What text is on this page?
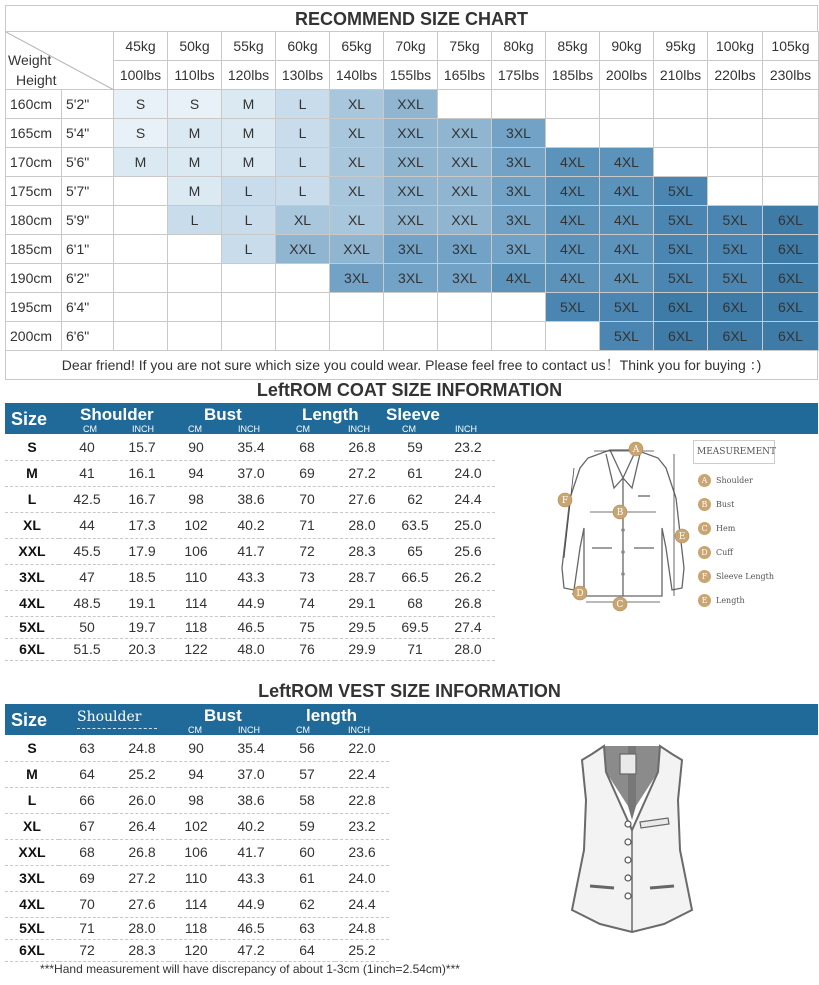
RECOMMEND SIZE CHART
Weight
Height		45kg	50kg	55kg	60kg	65kg	70kg	75kg	80kg	85kg	90kg	95kg	100kg	105kg
		100lbs	110lbs	120lbs	130lbs	140lbs	155lbs	165lbs	175lbs	185lbs	200lbs	210lbs	220lbs	230lbs
160cm	5'2"	S	S	M	L	XL	XXL							
165cm	5'4"	S	M	M	L	XL	XXL	XXL	3XL					
170cm	5'6"	M	M	M	L	XL	XXL	XXL	3XL	4XL	4XL			
175cm	5'7"		M	L	L	XL	XXL	XXL	3XL	4XL	4XL	5XL		
180cm	5'9"		L	L	XL	XL	XXL	XXL	3XL	4XL	4XL	5XL	5XL	6XL
185cm	6'1"			L	XXL	XXL	3XL	3XL	3XL	4XL	4XL	5XL	5XL	6XL
190cm	6'2"					3XL	3XL	3XL	4XL	4XL	4XL	5XL	5XL	6XL
195cm	6'4"									5XL	5XL	6XL	6XL	6XL
200cm	6'6"										5XL	6XL	6XL	6XL
Dear friend! If you are not sure which size you could wear. Please feel free to contact us！Think you for buying ：)
LeftROM COAT SIZE INFORMATION
Size Shoulder	Bust	Length Sleeve
CM	INCH	CM	INCH	CM	INCH	CM	INCH
S	40	15.7	90	35.4	68	26.8	59	23.2
M	41	16.1	94	37.0	69	27.2	61	24.0
L	42.5	16.7	98	38.6	70	27.6	62	24.4
XL	44	17.3	102	40.2	71	28.0	63.5	25.0
XXL	45.5	17.9	106	41.7	72	28.3	65	25.6
3XL	47	18.5	110	43.3	73	28.7	66.5	26.2
4XL	48.5	19.1	114	44.9	74	29.1	68	26.8
5XL	50	19.7	118	46.5	75	29.5	69.5	27.4
6XL	51.5	20.3	122	48.0	76	29.9	71	28.0
A
B
C
D
E
F
MEASUREMENT
A Shoulder
B Bust
C Hem
D Cuff
F Sleeve Length
E Length
LeftROM VEST SIZE INFORMATION
Size Shoulder	Bust	length
CM	INCH	CM	INCH
S	63	24.8	90	35.4	56	22.0
M	64	25.2	94	37.0	57	22.4
L	66	26.0	98	38.6	58	22.8
XL	67	26.4	102	40.2	59	23.2
XXL	68	26.8	106	41.7	60	23.6
3XL	69	27.2	110	43.3	61	24.0
4XL	70	27.6	114	44.9	62	24.4
5XL	71	28.0	118	46.5	63	24.8
6XL	72	28.3	120	47.2	64	25.2
***Hand measurement will have discrepancy of about 1-3cm (1inch=2.54cm)***
